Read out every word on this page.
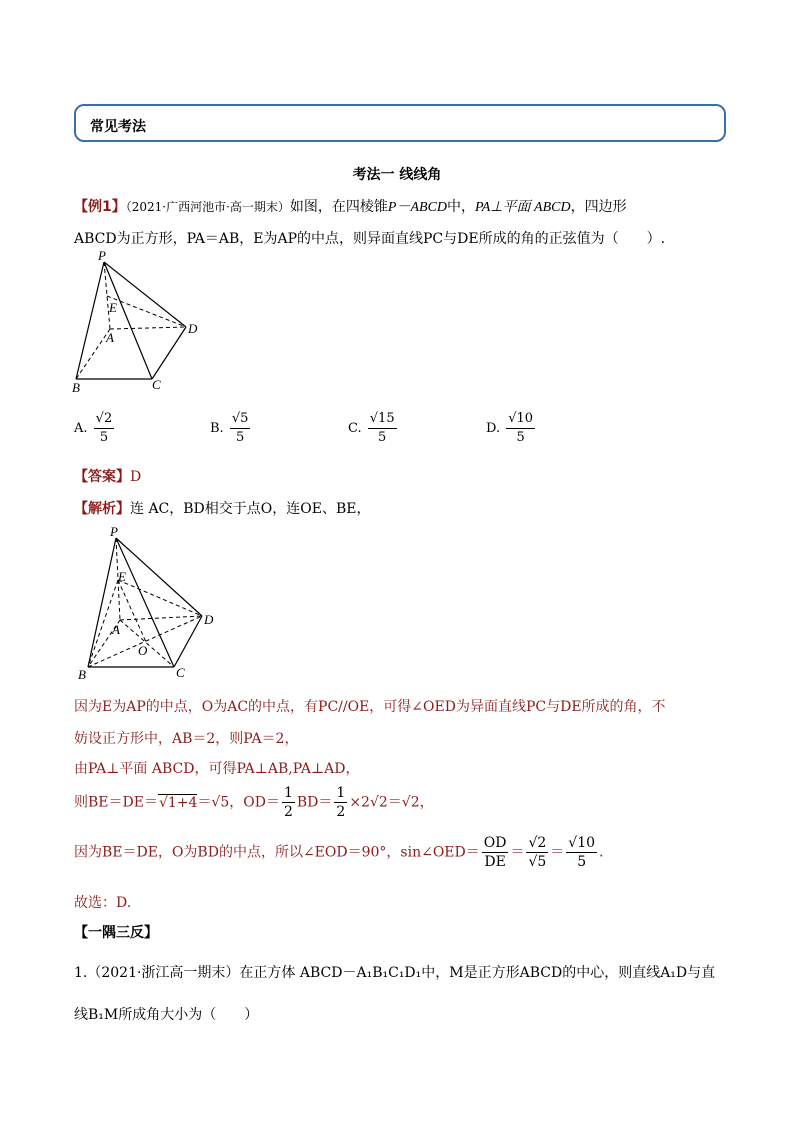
常见考法
考法一 线线角
【例1】（2021·广西河池市·高一期末）如图，在四棱锥P－ABCD中，PA⊥平面 ABCD，四边形
ABCD为正方形，PA＝AB，E为AP的中点，则异面直线PC与DE所成的角的正弦值为（　　）.
P
E
A
D
B	C
A. $\frac{√2}{5}$	B. $\frac{√5}{5}$	C. $\frac{√15}{5}$	D. $\frac{√10}{5}$
【答案】D
【解析】连 AC，BD相交于点O，连OE、BE，
P
E
A
O
D
B	C
因为E为AP的中点，O为AC的中点，有PC//OE，可得∠OED为异面直线PC与DE所成的角，不
妨设正方形中，AB＝2，则PA＝2，
由PA⊥平面 ABCD，可得PA⊥AB,PA⊥AD，
则BE＝DE＝√1+4＝√5，$OD= \frac{1}{2} BD= \frac{1}{2} \times 2√2=√2$，
因为BE＝DE，O为BD的中点，所以∠EOD＝90°，sin∠OED＝ $\frac{OD}{DE} = \frac{√2}{√5} = \frac{√10}{5}$ .
故选：D.
【一隅三反】
1.（2021·浙江高一期末）在正方体 ABCD－A₁B₁C₁D₁中，M是正方形ABCD的中心，则直线A₁D与直
线B₁M所成角大小为（　　）
